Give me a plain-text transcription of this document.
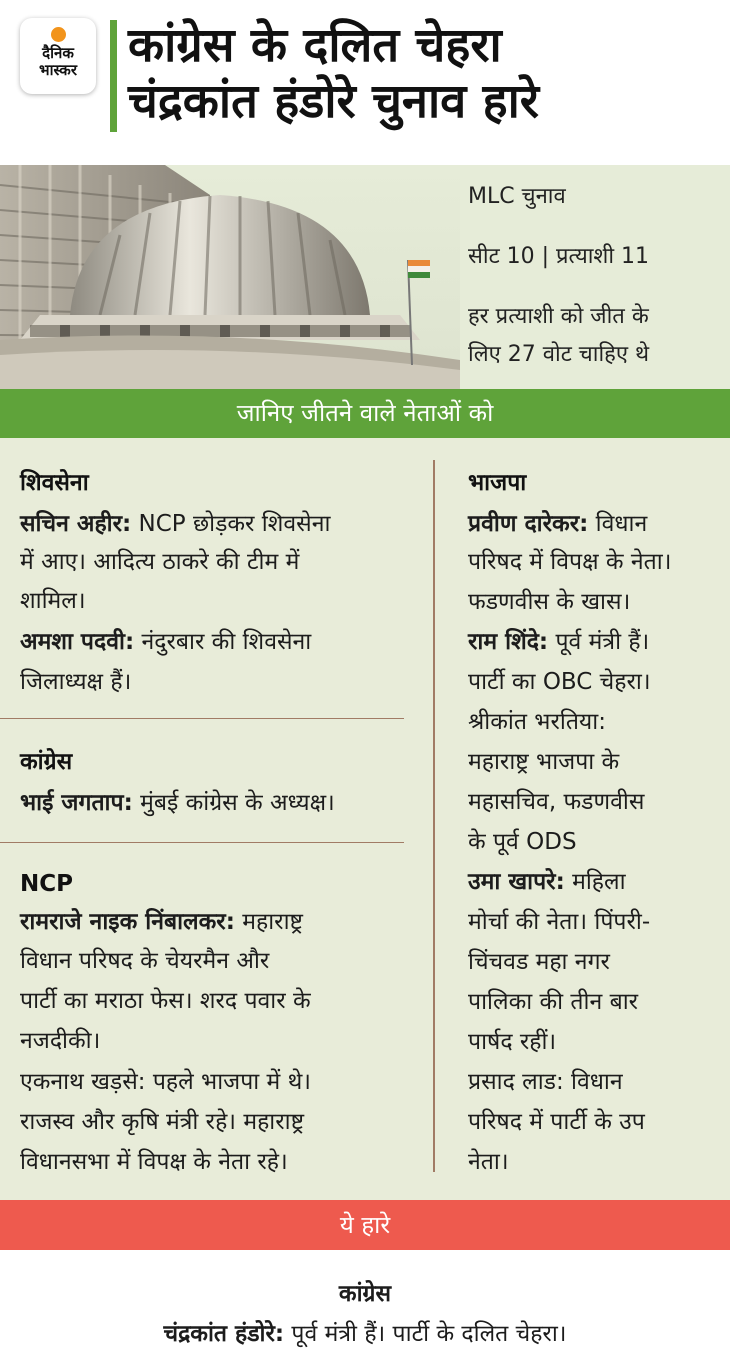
दैनिक
भास्कर	कांग्रेस के दलित चेहरा
चंद्रकांत हंडोरे चुनाव हारे
MLC चुनाव
सीट 10 | प्रत्याशी 11
हर प्रत्याशी को जीत के
लिए 27 वोट चाहिए थे
जानिए जीतने वाले नेताओं को
शिवसेना
सचिन अहीर: NCP छोड़कर शिवसेना
में आए। आदित्य ठाकरे की टीम में
शामिल।
अमशा पदवी: नंदुरबार की शिवसेना
जिलाध्यक्ष हैं।
कांग्रेस
भाई जगताप: मुंबई कांग्रेस के अध्यक्ष।
NCP
रामराजे नाइक निंबालकर: महाराष्ट्र
विधान परिषद के चेयरमैन और
पार्टी का मराठा फेस। शरद पवार के
नजदीकी।
एकनाथ खड़से: पहले भाजपा में थे।
राजस्व और कृषि मंत्री रहे। महाराष्ट्र
विधानसभा में विपक्ष के नेता रहे।
भाजपा
प्रवीण दारेकर: विधान
परिषद में विपक्ष के नेता।
फडणवीस के खास।
राम शिंदे: पूर्व मंत्री हैं।
पार्टी का OBC चेहरा।
श्रीकांत भरतिया:
महाराष्ट्र भाजपा के
महासचिव, फडणवीस
के पूर्व ODS
उमा खापरे: महिला
मोर्चा की नेता। पिंपरी-
चिंचवड महा नगर
पालिका की तीन बार
पार्षद रहीं।
प्रसाद लाड: विधान
परिषद में पार्टी के उप
नेता।
ये हारे
कांग्रेस
चंद्रकांत हंडोरे: पूर्व मंत्री हैं। पार्टी के दलित चेहरा।
